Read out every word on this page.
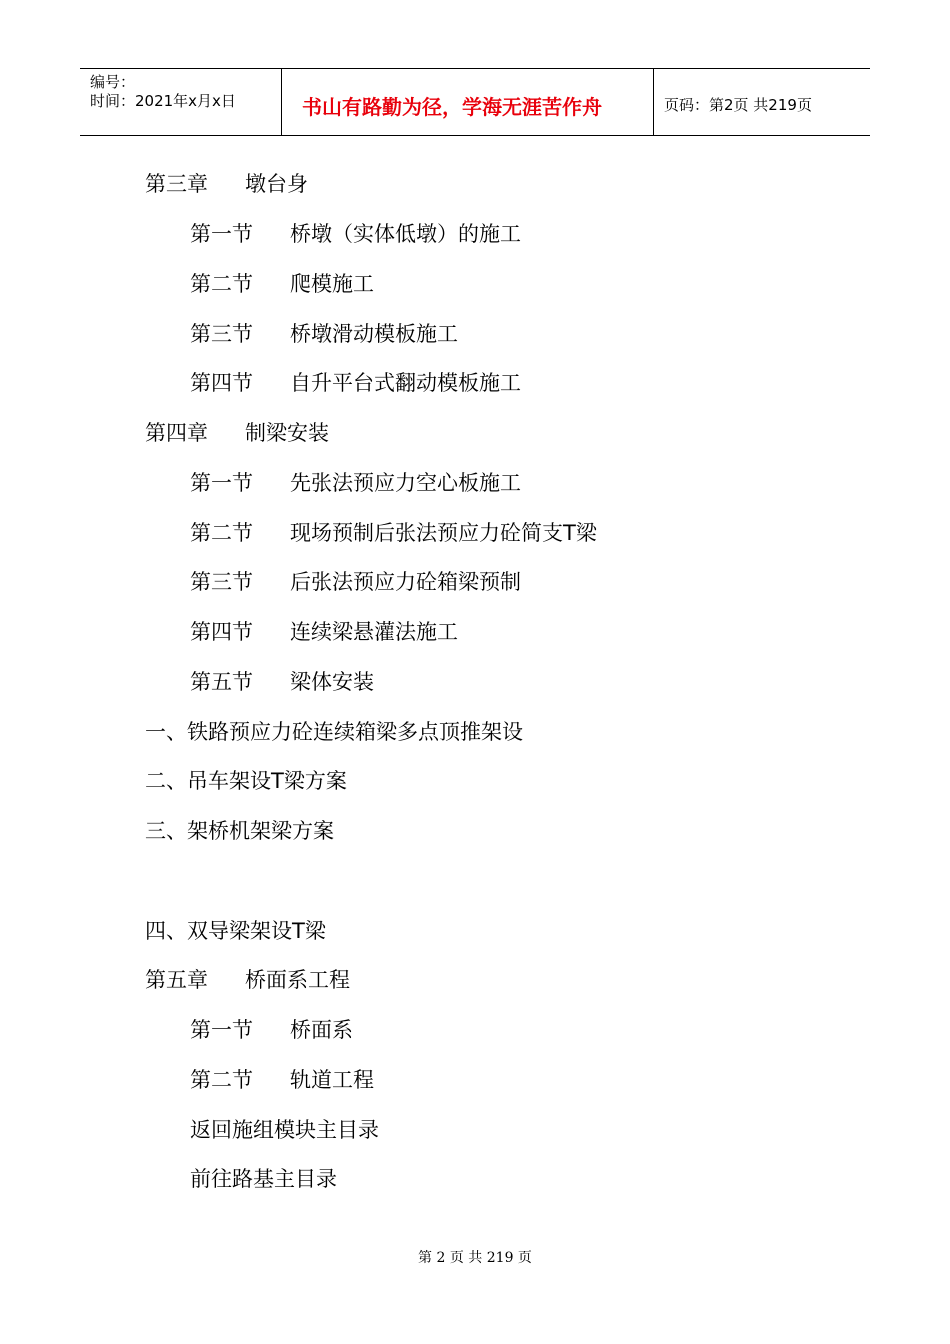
编号：
时间：2021年x月x日	书山有路勤为径，学海无涯苦作舟	页码：第2页 共219页
第三章 墩台身
第一节 桥墩（实体低墩）的施工
第二节 爬模施工
第三节 桥墩滑动模板施工
第四节 自升平台式翻动模板施工
第四章 制梁安装
第一节 先张法预应力空心板施工
第二节 现场预制后张法预应力砼简支T梁
第三节 后张法预应力砼箱梁预制
第四节 连续梁悬灌法施工
第五节 梁体安装
一、铁路预应力砼连续箱梁多点顶推架设
二、吊车架设T梁方案
三、架桥机架梁方案
四、双导梁架设T梁
第五章 桥面系工程
第一节 桥面系
第二节 轨道工程
返回施组模块主目录
前往路基主目录
第 2 页 共 219 页
